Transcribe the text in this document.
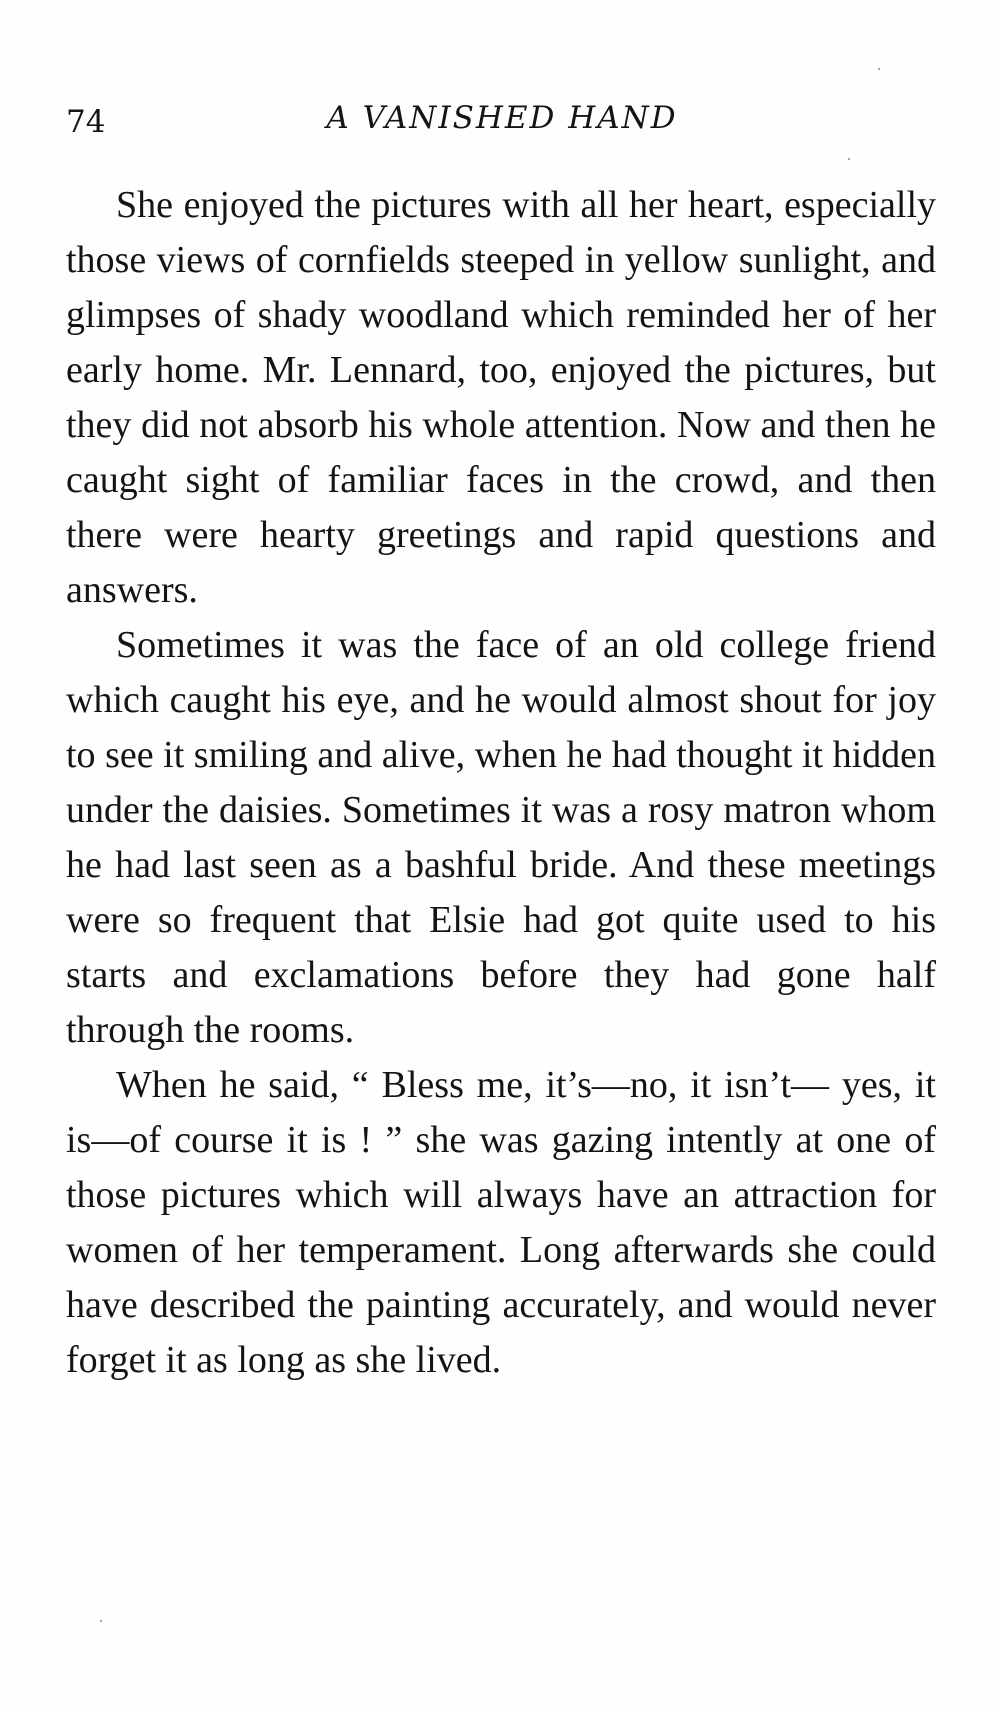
74	A VANISHED HAND

She enjoyed the pictures with all her heart, especially those views of cornfields steeped in yellow sunlight, and glimpses of shady woodland which reminded her of her early home. Mr. Lennard, too, enjoyed the pictures, but they did not absorb his whole attention. Now and then he caught sight of familiar faces in the crowd, and then there were hearty greetings and rapid questions and answers.

Sometimes it was the face of an old college friend which caught his eye, and he would almost shout for joy to see it smiling and alive, when he had thought it hidden under the daisies. Sometimes it was a rosy matron whom he had last seen as a bashful bride. And these meetings were so frequent that Elsie had got quite used to his starts and exclamations before they had gone half through the rooms.

When he said, “ Bless me, it’s—no, it isn’t— yes, it is—of course it is ! ” she was gazing intently at one of those pictures which will always have an attraction for women of her temperament. Long afterwards she could have described the painting accurately, and would never forget it as long as she lived.
